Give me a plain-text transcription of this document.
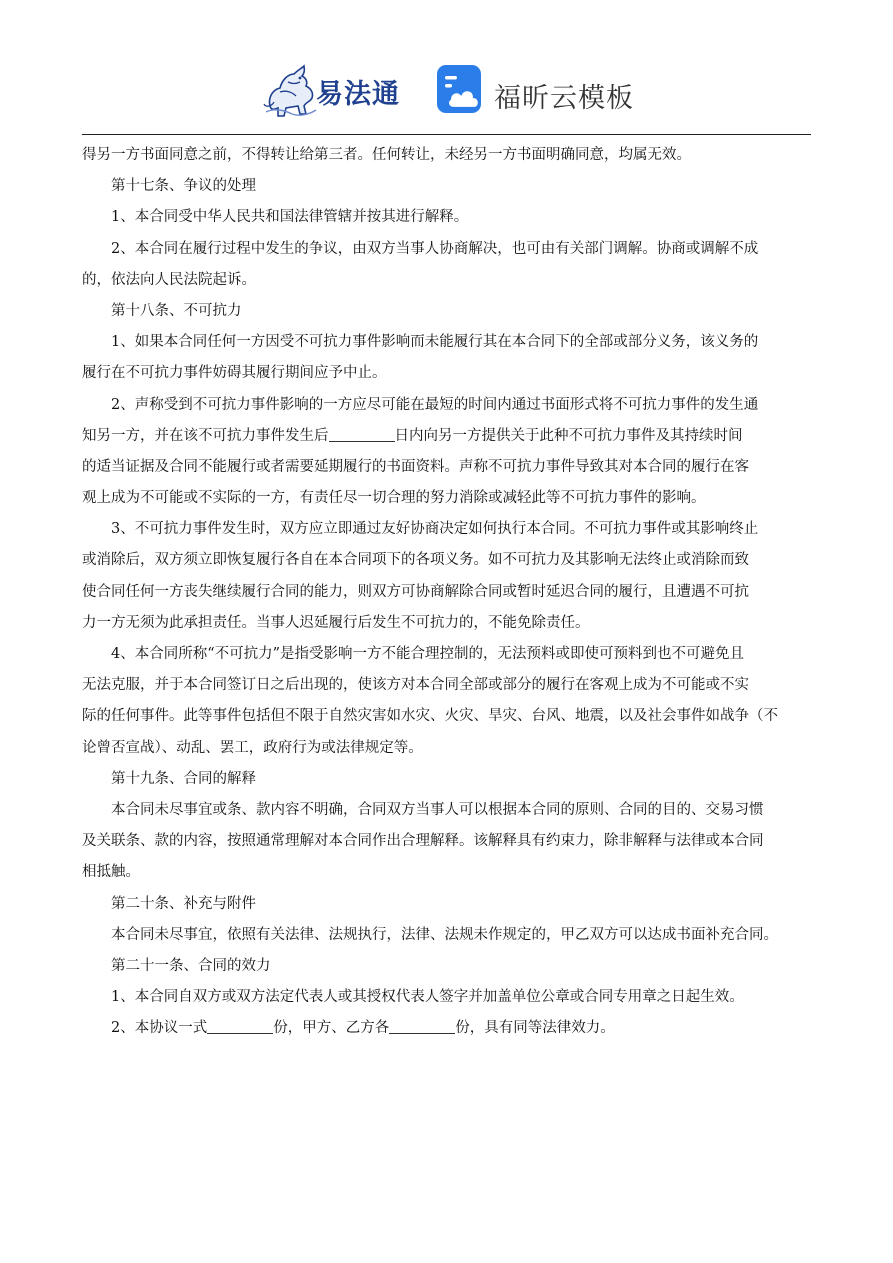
易法通	福昕云模板
得另一方书面同意之前，不得转让给第三者。任何转让，未经另一方书面明确同意，均属无效。
第十七条、争议的处理
1、本合同受中华人民共和国法律管辖并按其进行解释。
2、本合同在履行过程中发生的争议，由双方当事人协商解决，也可由有关部门调解。协商或调解不成
的，依法向人民法院起诉。
第十八条、不可抗力
1、如果本合同任何一方因受不可抗力事件影响而未能履行其在本合同下的全部或部分义务，该义务的
履行在不可抗力事件妨碍其履行期间应予中止。
2、声称受到不可抗力事件影响的一方应尽可能在最短的时间内通过书面形式将不可抗力事件的发生通
知另一方，并在该不可抗力事件发生后	日内向另一方提供关于此种不可抗力事件及其持续时间
的适当证据及合同不能履行或者需要延期履行的书面资料。声称不可抗力事件导致其对本合同的履行在客
观上成为不可能或不实际的一方，有责任尽一切合理的努力消除或减轻此等不可抗力事件的影响。
3、不可抗力事件发生时，双方应立即通过友好协商决定如何执行本合同。不可抗力事件或其影响终止
或消除后，双方须立即恢复履行各自在本合同项下的各项义务。如不可抗力及其影响无法终止或消除而致
使合同任何一方丧失继续履行合同的能力，则双方可协商解除合同或暂时延迟合同的履行，且遭遇不可抗
力一方无须为此承担责任。当事人迟延履行后发生不可抗力的，不能免除责任。
4、本合同所称“不可抗力”是指受影响一方不能合理控制的，无法预料或即使可预料到也不可避免且
无法克服，并于本合同签订日之后出现的，使该方对本合同全部或部分的履行在客观上成为不可能或不实
际的任何事件。此等事件包括但不限于自然灾害如水灾、火灾、旱灾、台风、地震，以及社会事件如战争（不
论曾否宣战）、动乱、罢工，政府行为或法律规定等。
第十九条、合同的解释
本合同未尽事宜或条、款内容不明确，合同双方当事人可以根据本合同的原则、合同的目的、交易习惯
及关联条、款的内容，按照通常理解对本合同作出合理解释。该解释具有约束力，除非解释与法律或本合同
相抵触。
第二十条、补充与附件
本合同未尽事宜，依照有关法律、法规执行，法律、法规未作规定的，甲乙双方可以达成书面补充合同。
第二十一条、合同的效力
1、本合同自双方或双方法定代表人或其授权代表人签字并加盖单位公章或合同专用章之日起生效。
2、本协议一式	份，甲方、乙方各	份，具有同等法律效力。
